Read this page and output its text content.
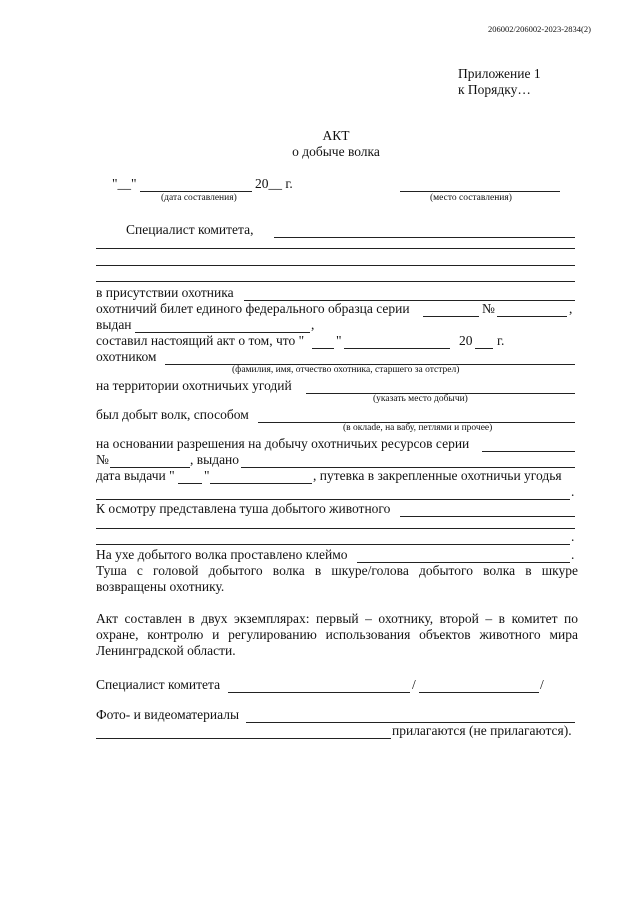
206002/206002-2023-2834(2)
Приложение 1
к Порядку…
АКТ
о добыче волка
"__"	20__ г.
(дата составления)	(место составления)
Специалист комитета,
в присутствии охотника
охотничий билет единого федерального образца серии	№	,
выдан	,
составил настоящий акт о том, что " "	20 г.
охотником
(фамилия, имя, отчество охотника, старшего за отстрел)
на территории охотничьих угодий
(указать место добычи)
был добыт волк, способом
(в оклade, на вабу, петлями и прочее)
на основании разрешения на добычу охотничьих ресурсов серии
№	, выдано
дата выдачи " "	, путевка в закрепленные охотничьи угодья
.
К осмотру представлена туша добытого животного
.
На ухе добытого волка проставлено клеймо	.
Туша с головой добытого волка в шкуре/голова добытого волка в шкуре возвращены охотнику.
Акт составлен в двух экземплярах: первый – охотнику, второй – в комитет по охране, контролю и регулированию использования объектов животного мира Ленинградской области.
Специалист комитета	/	/
Фото- и видеоматериалы
прилагаются (не прилагаются).
